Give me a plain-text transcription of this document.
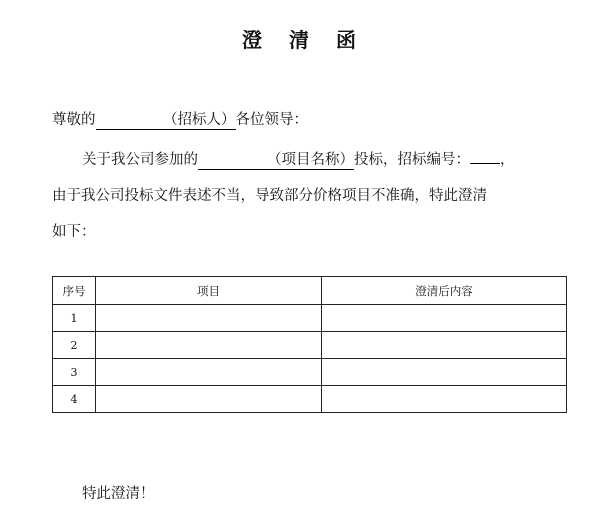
澄 清 函
尊敬的	（招标人）各位领导：
关于我公司参加的	（项目名称）投标，招标编号： ，
由于我公司投标文件表述不当，导致部分价格项目不准确，特此澄清
如下：
序号	项目	澄清后内容
1		
2		
3		
4		
特此澄清！
